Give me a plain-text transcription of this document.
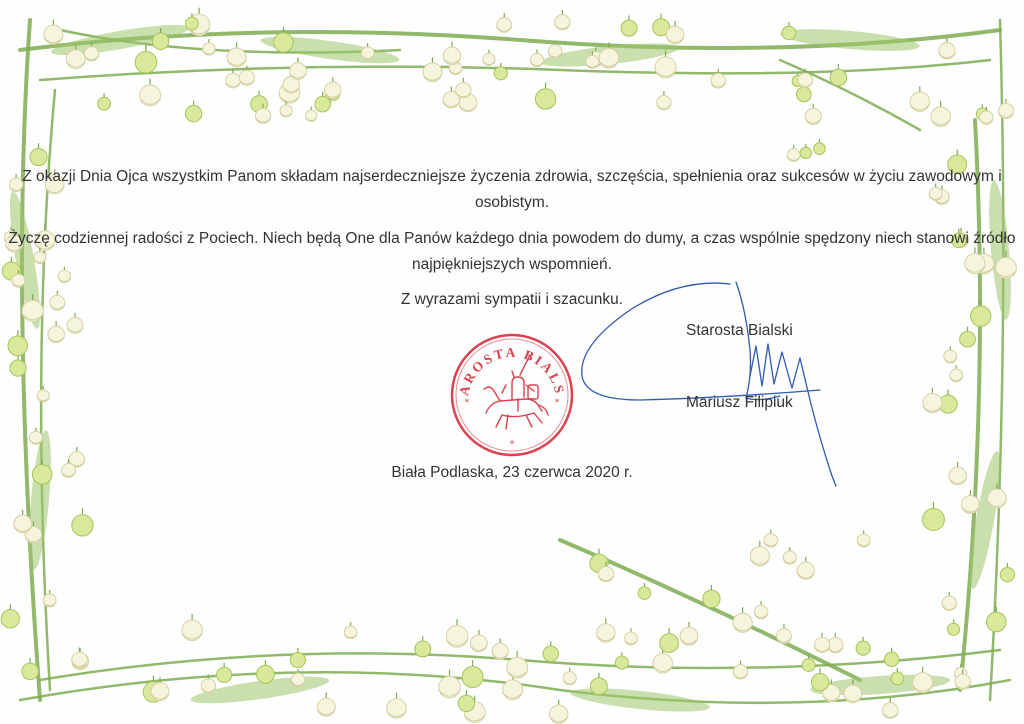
Z okazji Dnia Ojca wszystkim Panom składam najserdeczniejsze życzenia zdrowia, szczęścia, spełnienia oraz sukcesów w życiu zawodowym i osobistym.

Życzę codziennej radości z Pociech. Niech będą One dla Panów każdego dnia powodem do dumy, a czas wspólnie spędzony niech stanowi źródło najpiękniejszych wspomnień.

Z wyrazami sympatii i szacunku.

AROSTA BIALS
*
*	*

Starosta Bialski

Mariusz Filipiuk

Biała Podlaska, 23 czerwca 2020 r.
